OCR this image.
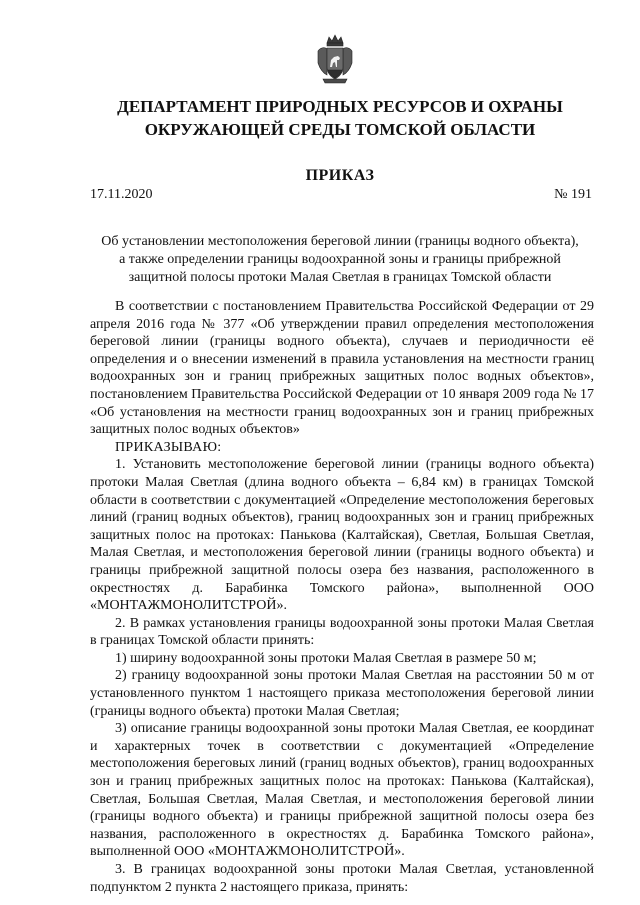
ДЕПАРТАМЕНТ ПРИРОДНЫХ РЕСУРСОВ И ОХРАНЫ
ОКРУЖАЮЩЕЙ СРЕДЫ ТОМСКОЙ ОБЛАСТИ
ПРИКАЗ
17.11.2020	№ 191
Об установлении местоположения береговой линии (границы водного объекта),
а также определении границы водоохранной зоны и границы прибрежной
защитной полосы протоки Малая Светлая в границах Томской области

В соответствии с постановлением Правительства Российской Федерации от 29 апреля 2016 года № 377 «Об утверждении правил определения местоположения береговой линии (границы водного объекта), случаев и периодичности её определения и о внесении изменений в правила установления на местности границ водоохранных зон и границ прибрежных защитных полос водных объектов», постановлением Правительства Российской Федерации от 10 января 2009 года № 17 «Об установления на местности границ водоохранных зон и границ прибрежных защитных полос водных объектов»

ПРИКАЗЫВАЮ:

1. Установить местоположение береговой линии (границы водного объекта) протоки Малая Светлая (длина водного объекта – 6,84 км) в границах Томской области в соответствии с документацией «Определение местоположения береговых линий (границ водных объектов), границ водоохранных зон и границ прибрежных защитных полос на протоках: Панькова (Калтайская), Светлая, Большая Светлая, Малая Светлая, и местоположения береговой линии (границы водного объекта) и границы прибрежной защитной полосы озера без названия, расположенного в окрестностях д. Барабинка Томского района», выполненной ООО «МОНТАЖМОНОЛИТСТРОЙ».

2. В рамках установления границы водоохранной зоны протоки Малая Светлая в границах Томской области принять:

1) ширину водоохранной зоны протоки Малая Светлая в размере 50 м;

2) границу водоохранной зоны протоки Малая Светлая на расстоянии 50 м от установленного пунктом 1 настоящего приказа местоположения береговой линии (границы водного объекта) протоки Малая Светлая;

3) описание границы водоохранной зоны протоки Малая Светлая, ее координат и характерных точек в соответствии с документацией «Определение местоположения береговых линий (границ водных объектов), границ водоохранных зон и границ прибрежных защитных полос на протоках: Панькова (Калтайская), Светлая, Большая Светлая, Малая Светлая, и местоположения береговой линии (границы водного объекта) и границы прибрежной защитной полосы озера без названия, расположенного в окрестностях д. Барабинка Томского района», выполненной ООО «МОНТАЖМОНОЛИТСТРОЙ».

3. В границах водоохранной зоны протоки Малая Светлая, установленной подпунктом 2 пункта 2 настоящего приказа, принять:
